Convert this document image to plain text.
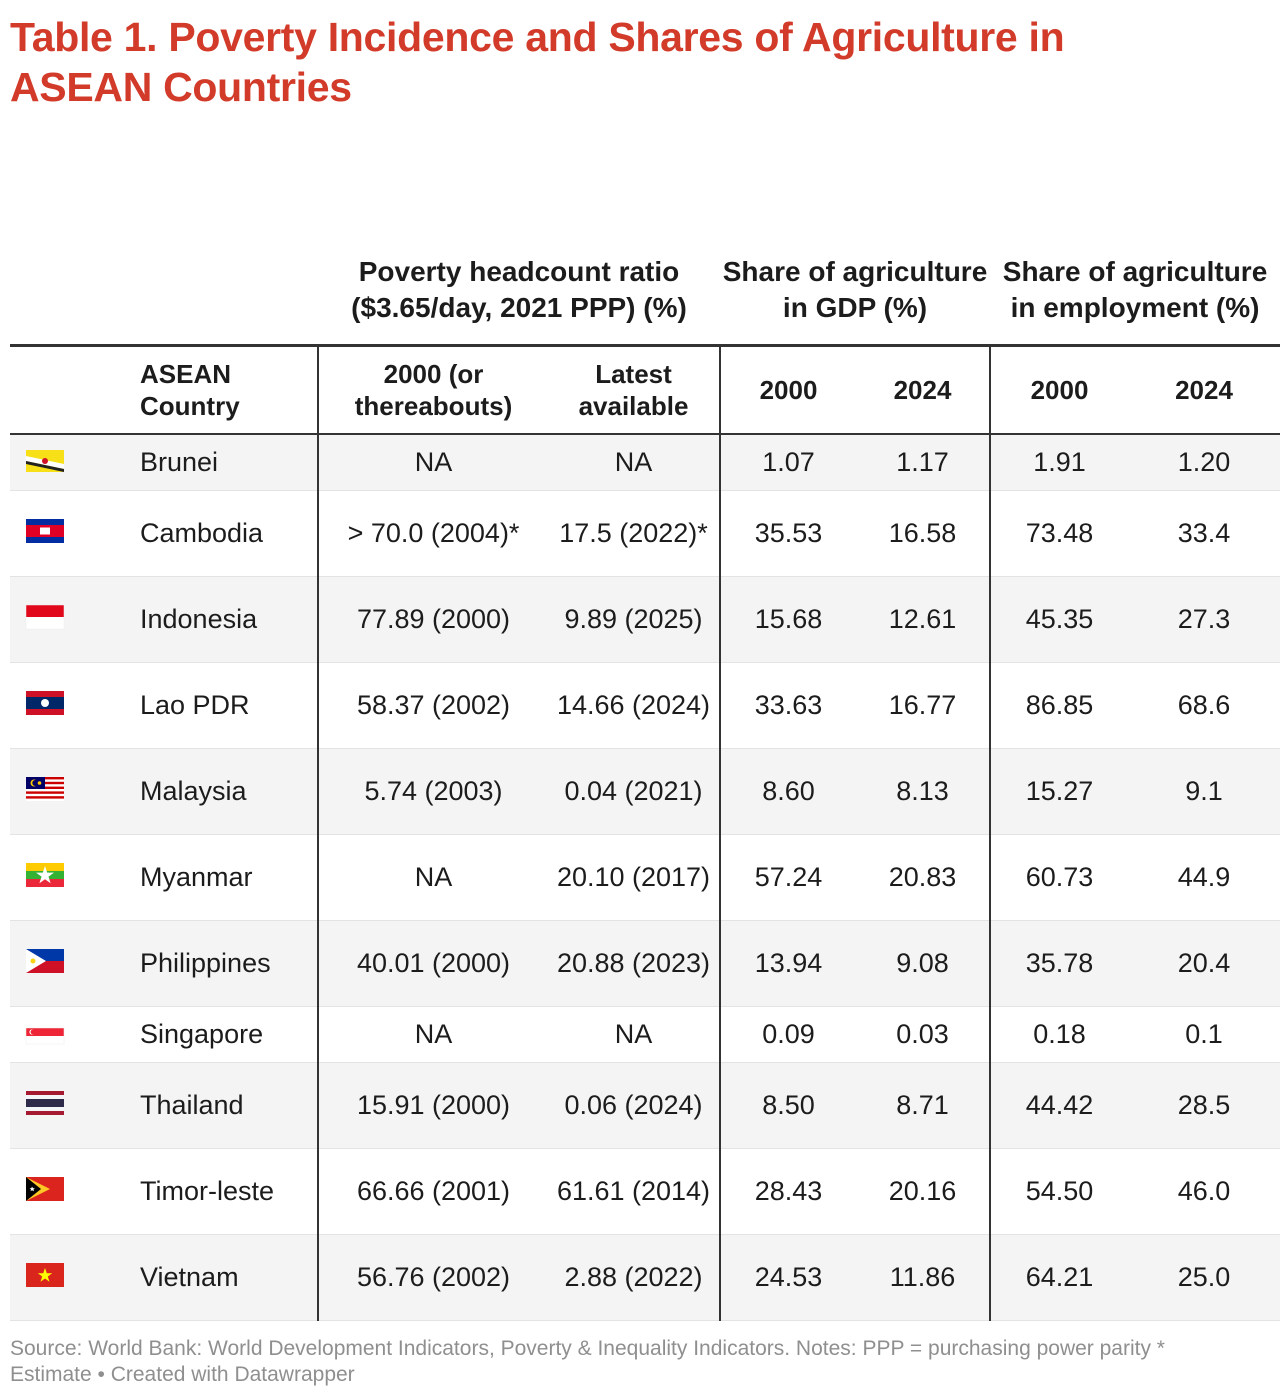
Table 1. Poverty Incidence and Shares of Agriculture in ASEAN Countries
		Poverty headcount ratio ($3.65/day, 2021 PPP) (%)		Share of agriculture in GDP (%)		Share of agriculture in employment (%)	
	ASEAN Country	2000 (or thereabouts)	Latest available	2000	2024	2000	2024
	Brunei	NA	NA	1.07	1.17	1.91	1.20
	Cambodia	> 70.0 (2004)*	17.5 (2022)*	35.53	16.58	73.48	33.4
	Indonesia	77.89 (2000)	9.89 (2025)	15.68	12.61	45.35	27.3
	Lao PDR	58.37 (2002)	14.66 (2024)	33.63	16.77	86.85	68.6
	Malaysia	5.74 (2003)	0.04 (2021)	8.60	8.13	15.27	9.1
	Myanmar	NA	20.10 (2017)	57.24	20.83	60.73	44.9
	Philippines	40.01 (2000)	20.88 (2023)	13.94	9.08	35.78	20.4
	Singapore	NA	NA	0.09	0.03	0.18	0.1
	Thailand	15.91 (2000)	0.06 (2024)	8.50	8.71	44.42	28.5
	Timor-leste	66.66 (2001)	61.61 (2014)	28.43	20.16	54.50	46.0
	Vietnam	56.76 (2002)	2.88 (2022)	24.53	11.86	64.21	25.0

Source: World Bank: World Development Indicators, Poverty & Inequality Indicators. Notes: PPP = purchasing power parity * Estimate • Created with Datawrapper
